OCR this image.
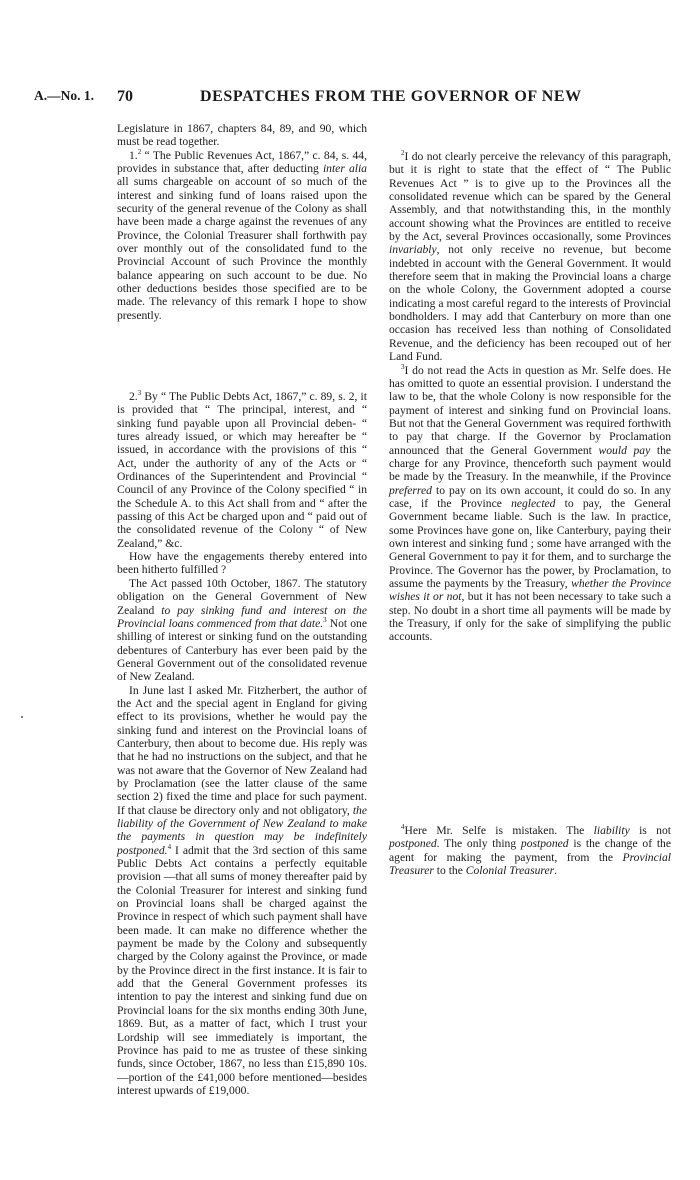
A.—No. 1. 70	DESPATCHES FROM THE GOVERNOR OF NEW

Legislature in 1867, chapters 84, 89, and 90, which must be read together.

1.$^2$ “ The Public Revenues Act, 1867,” c. 84, s. 44, provides in substance that, after deducting inter alia all sums chargeable on account of so much of the interest and sinking fund of loans raised upon the security of the general revenue of the Colony as shall have been made a charge against the revenues of any Province, the Colonial Treasurer shall forthwith pay over monthly out of the consolidated fund to the Provincial Account of such Province the monthly balance appearing on such account to be due. No other deductions besides those specified are to be made. The relevancy of this remark I hope to show presently.

2.$^3$ By “ The Public Debts Act, 1867,” c. 89, s. 2, it is provided that “ The principal, interest, and “ sinking fund payable upon all Provincial deben- “ tures already issued, or which may hereafter be “ issued, in accordance with the provisions of this “ Act, under the authority of any of the Acts or “ Ordinances of the Superintendent and Provincial “ Council of any Province of the Colony specified “ in the Schedule A. to this Act shall from and “ after the passing of this Act be charged upon and “ paid out of the consolidated revenue of the Colony “ of New Zealand,” &c.

How have the engagements thereby entered into been hitherto fulfilled ?

The Act passed 10th October, 1867. The statutory obligation on the General Government of New Zealand to pay sinking fund and interest on the Provincial loans commenced from that date.$^3$ Not one shilling of interest or sinking fund on the outstanding debentures of Canterbury has ever been paid by the General Government out of the consolidated revenue of New Zealand.

In June last I asked Mr. Fitzherbert, the author of the Act and the special agent in England for giving effect to its provisions, whether he would pay the sinking fund and interest on the Provincial loans of Canterbury, then about to become due. His reply was that he had no instructions on the subject, and that he was not aware that the Governor of New Zealand had by Proclamation (see the latter clause of the same section 2) fixed the time and place for such payment. If that clause be directory only and not obligatory, the liability of the Government of New Zealand to make the payments in question may be indefinitely postponed.$^4$ I admit that the 3rd section of this same Public Debts Act contains a perfectly equitable provision —that all sums of money thereafter paid by the Colonial Treasurer for interest and sinking fund on Provincial loans shall be charged against the Province in respect of which such payment shall have been made. It can make no difference whether the payment be made by the Colony and subsequently charged by the Colony against the Province, or made by the Province direct in the first instance. It is fair to add that the General Government professes its intention to pay the interest and sinking fund due on Provincial loans for the six months ending 30th June, 1869. But, as a matter of fact, which I trust your Lordship will see immediately is important, the Province has paid to me as trustee of these sinking funds, since October, 1867, no less than £15,890 10s.—portion of the £41,000 before mentioned—besides interest upwards of £19,000.

$^2$I do not clearly perceive the relevancy of this paragraph, but it is right to state that the effect of “ The Public Revenues Act ” is to give up to the Provinces all the consolidated revenue which can be spared by the General Assembly, and that notwithstanding this, in the monthly account showing what the Provinces are entitled to receive by the Act, several Provinces occasionally, some Provinces invariably, not only receive no revenue, but become indebted in account with the General Government. It would therefore seem that in making the Provincial loans a charge on the whole Colony, the Government adopted a course indicating a most careful regard to the interests of Provincial bondholders. I may add that Canterbury on more than one occasion has received less than nothing of Consolidated Revenue, and the deficiency has been recouped out of her Land Fund.

$^3$I do not read the Acts in question as Mr. Selfe does. He has omitted to quote an essential provision. I understand the law to be, that the whole Colony is now responsible for the payment of interest and sinking fund on Provincial loans. But not that the General Government was required forthwith to pay that charge. If the Governor by Proclamation announced that the General Government would pay the charge for any Province, thenceforth such payment would be made by the Treasury. In the meanwhile, if the Province preferred to pay on its own account, it could do so. In any case, if the Province neglected to pay, the General Government became liable. Such is the law. In practice, some Provinces have gone on, like Canterbury, paying their own interest and sinking fund ; some have arranged with the General Government to pay it for them, and to surcharge the Province. The Governor has the power, by Proclamation, to assume the payments by the Treasury, whether the Province wishes it or not, but it has not been necessary to take such a step. No doubt in a short time all payments will be made by the Treasury, if only for the sake of simplifying the public accounts.

$^4$Here Mr. Selfe is mistaken. The liability is not postponed. The only thing postponed is the change of the agent for making the payment, from the Provincial Treasurer to the Colonial Treasurer.
